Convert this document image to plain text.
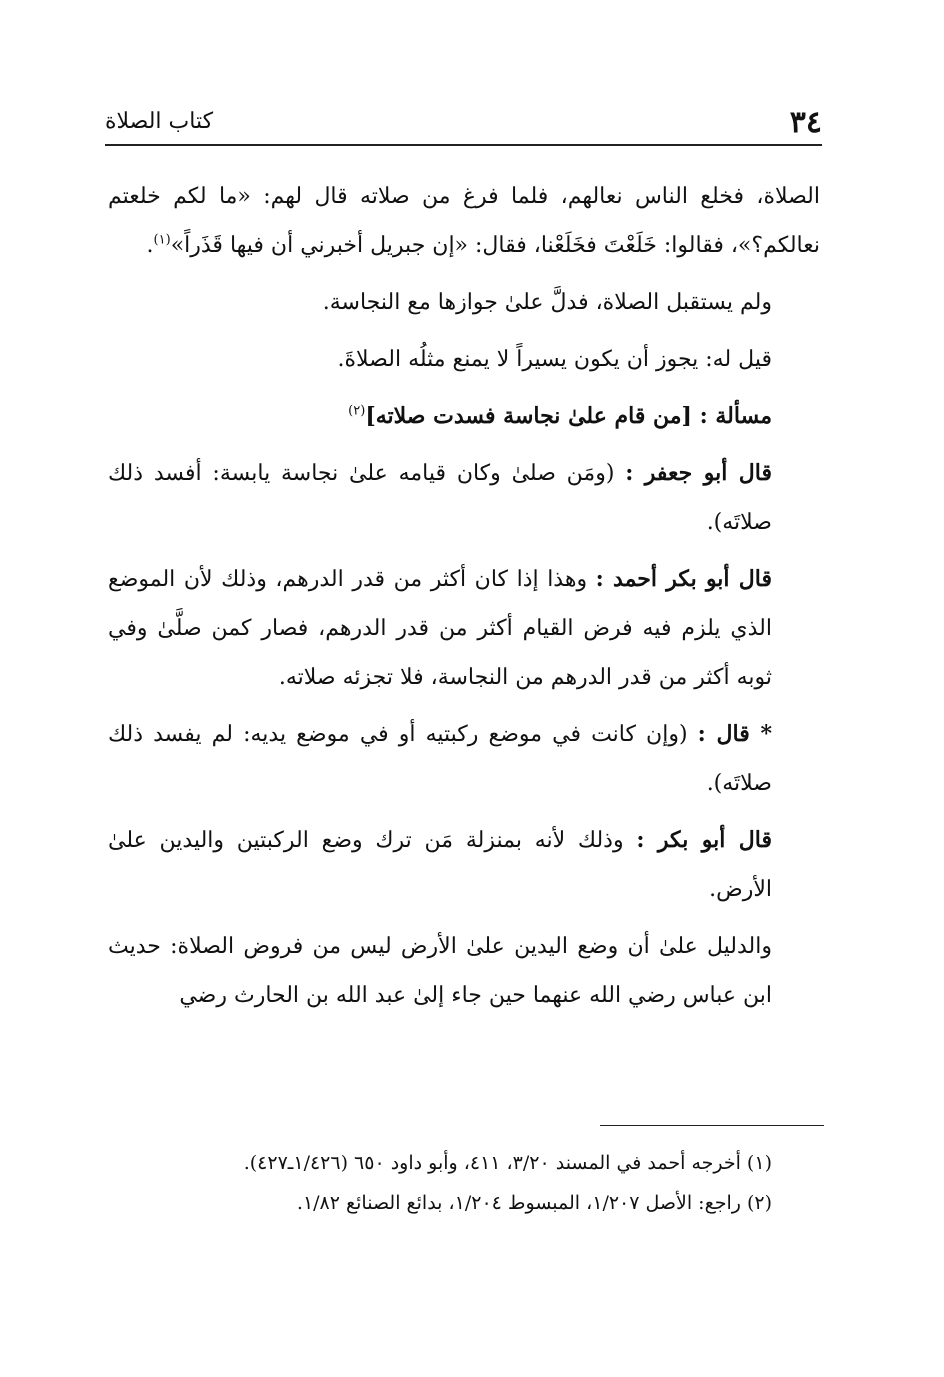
٣٤
كتاب الصلاة

الصلاة، فخلع الناس نعالهم، فلما فرغ من صلاته قال لهم: «ما لكم خلعتم نعالكم؟»، فقالوا: خَلَعْتَ فخَلَعْنا، فقال: «إن جبريل أخبرني أن فيها قَذَراً»$^{(١)}$.

ولم يستقبل الصلاة، فدلَّ علىٰ جوازها مع النجاسة.

قيل له: يجوز أن يكون يسيراً لا يمنع مثلُه الصلاةَ.

مسألة : [من قام علىٰ نجاسة فسدت صلاته]$^{(٢)}$

قال أبو جعفر : (ومَن صلىٰ وكان قيامه علىٰ نجاسة يابسة: أفسد ذلك صلاتَه).

قال أبو بكر أحمد : وهذا إذا كان أكثر من قدر الدرهم، وذلك لأن الموضع الذي يلزم فيه فرض القيام أكثر من قدر الدرهم، فصار كمن صلَّىٰ وفي ثوبه أكثر من قدر الدرهم من النجاسة، فلا تجزئه صلاته.

* قال : (وإن كانت في موضع ركبتيه أو في موضع يديه: لم يفسد ذلك صلاتَه).

قال أبو بكر : وذلك لأنه بمنزلة مَن ترك وضع الركبتين واليدين علىٰ الأرض.

والدليل علىٰ أن وضع اليدين علىٰ الأرض ليس من فروض الصلاة: حديث ابن عباس رضي الله عنهما حين جاء إلىٰ عبد الله بن الحارث رضي

(١) أخرجه أحمد في المسند ٣/٢٠، ٤١١، وأبو داود ٦٥٠ (١/٤٢٦ـ٤٢٧).

(٢) راجع: الأصل ١/٢٠٧، المبسوط ١/٢٠٤، بدائع الصنائع ١/٨٢.
